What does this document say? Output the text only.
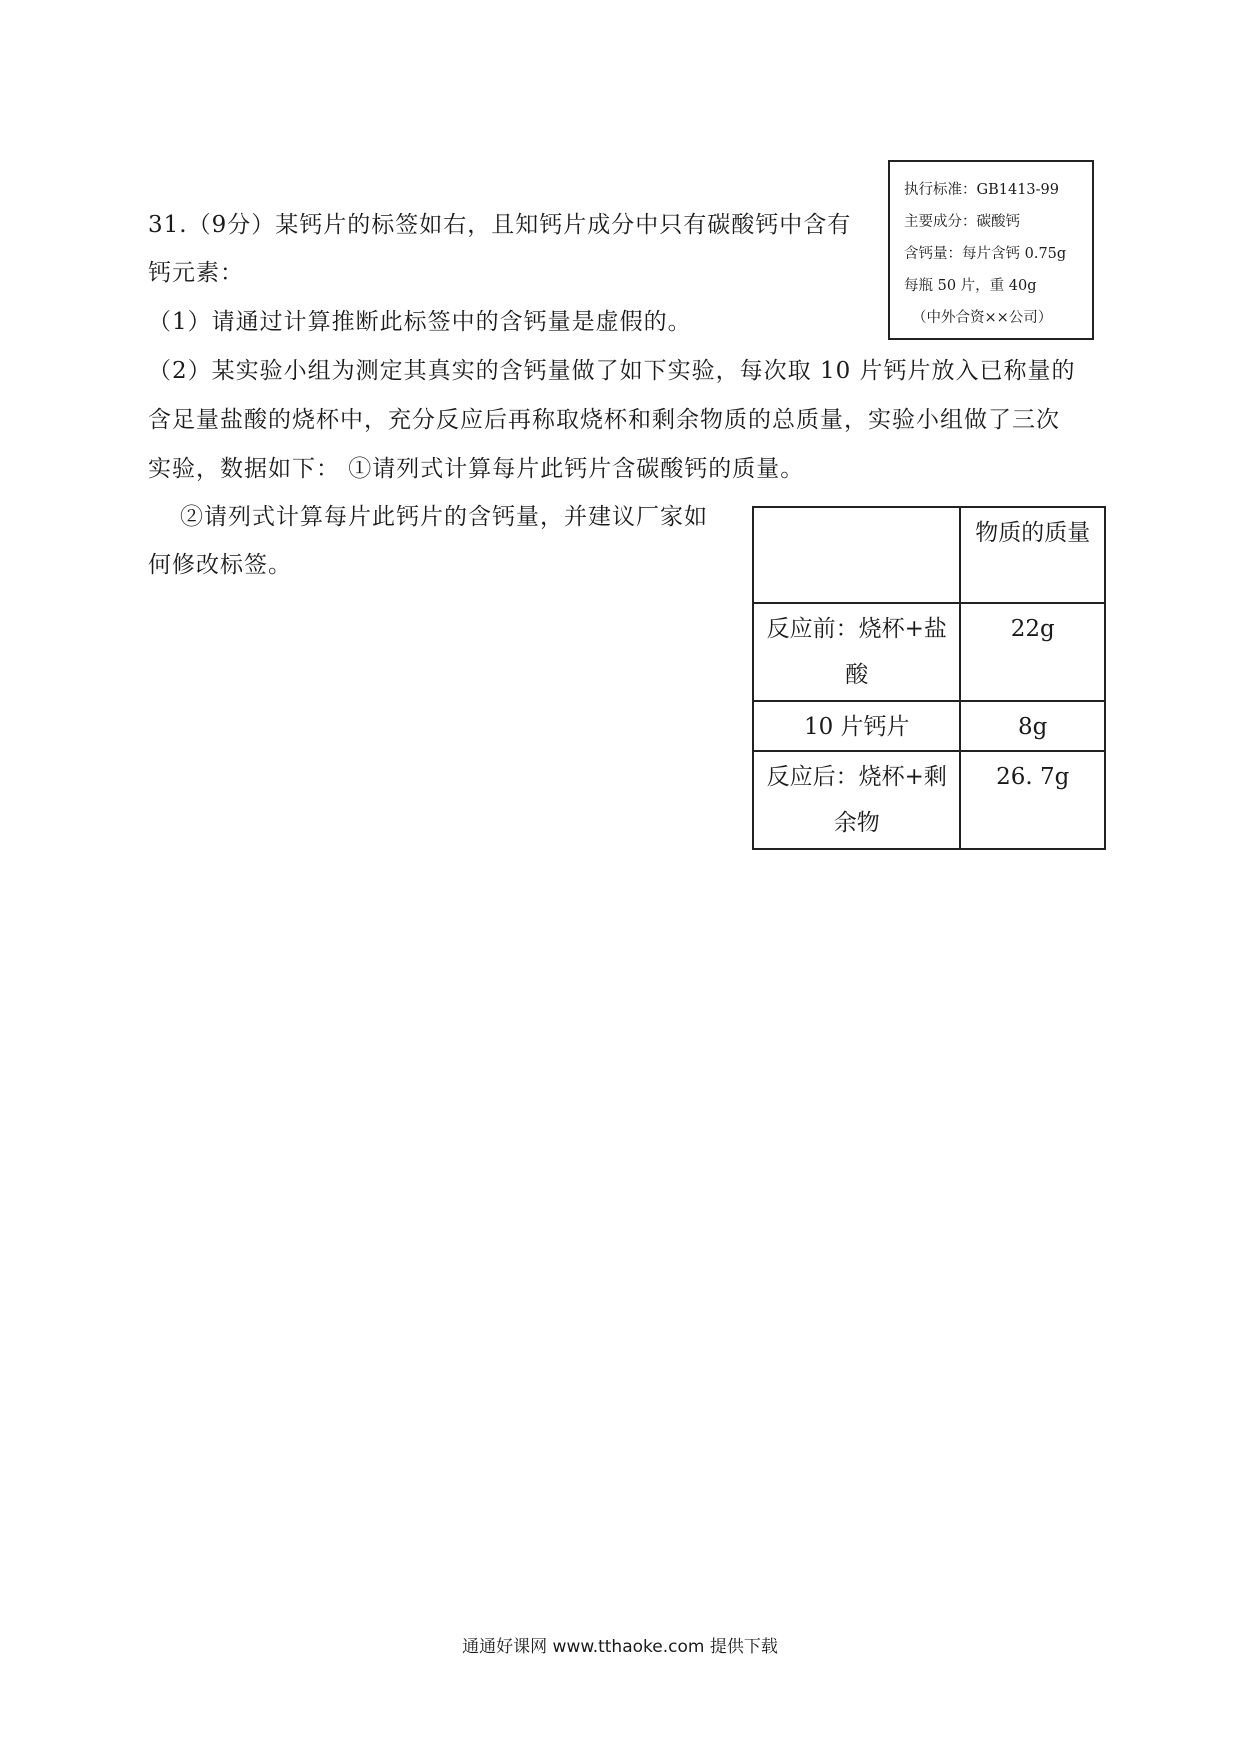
31.（9分）某钙片的标签如右，且知钙片成分中只有碳酸钙中含有
钙元素：
（1）请通过计算推断此标签中的含钙量是虚假的。
（2）某实验小组为测定其真实的含钙量做了如下实验，每次取 10 片钙片放入已称量的
含足量盐酸的烧杯中，充分反应后再称取烧杯和剩余物质的总质量，实验小组做了三次
实验，数据如下： ①请列式计算每片此钙片含碳酸钙的质量。
②请列式计算每片此钙片的含钙量，并建议厂家如
何修改标签。
执行标准：GB1413-99
主要成分：碳酸钙
含钙量：每片含钙 0.75g
每瓶 50 片，重 40g
（中外合资××公司）
	物质的质量
反应前：烧杯+盐酸	22g
10 片钙片	8g
反应后：烧杯+剩余物	26. 7g
通通好课网 www.tthaoke.com 提供下载
